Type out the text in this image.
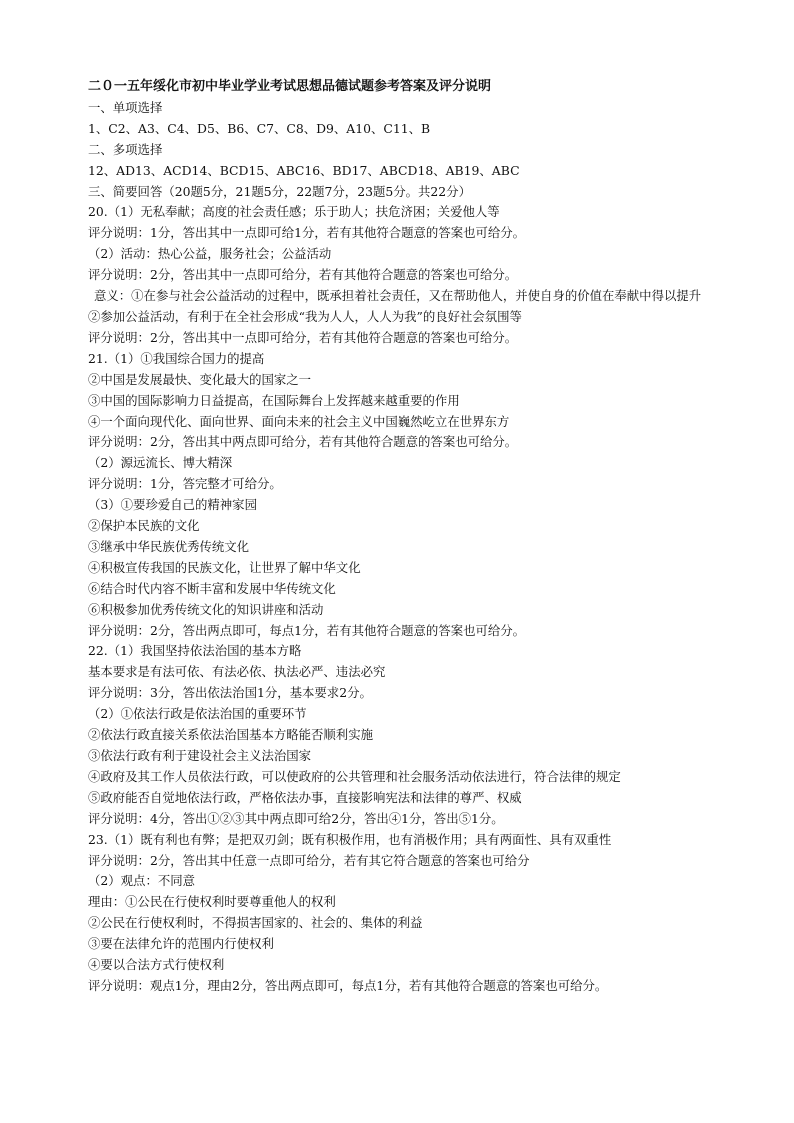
二０一五年绥化市初中毕业学业考试思想品德试题参考答案及评分说明
一、单项选择
1、C2、A3、C4、D5、B6、C7、C8、D9、A10、C11、B
二、多项选择
12、AD13、ACD14、BCD15、ABC16、BD17、ABCD18、AB19、ABC
三、简要回答（20题5分，21题5分，22题7分，23题5分。共22分）
20.（1）无私奉献；高度的社会责任感；乐于助人；扶危济困；关爱他人等
评分说明：1分，答出其中一点即可给1分，若有其他符合题意的答案也可给分。
（2）活动：热心公益，服务社会；公益活动
评分说明：2分，答出其中一点即可给分，若有其他符合题意的答案也可给分。
意义：①在参与社会公益活动的过程中，既承担着社会责任，又在帮助他人，并使自身的价值在奉献中得以提升
②参加公益活动，有利于在全社会形成“我为人人，人人为我”的良好社会氛围等
评分说明：2分，答出其中一点即可给分，若有其他符合题意的答案也可给分。
21.（1）①我国综合国力的提高
②中国是发展最快、变化最大的国家之一
③中国的国际影响力日益提高，在国际舞台上发挥越来越重要的作用
④一个面向现代化、面向世界、面向未来的社会主义中国巍然屹立在世界东方
评分说明：2分，答出其中两点即可给分，若有其他符合题意的答案也可给分。
（2）源远流长、博大精深
评分说明：1分，答完整才可给分。
（3）①要珍爱自己的精神家园
②保护本民族的文化
③继承中华民族优秀传统文化
④积极宣传我国的民族文化，让世界了解中华文化
⑥结合时代内容不断丰富和发展中华传统文化
⑥积极参加优秀传统文化的知识讲座和活动
评分说明：2分，答出两点即可，每点1分，若有其他符合题意的答案也可给分。
22.（1）我国坚持依法治国的基本方略
基本要求是有法可依、有法必依、执法必严、违法必究
评分说明：3分，答出依法治国1分，基本要求2分。
（2）①依法行政是依法治国的重要环节
②依法行政直接关系依法治国基本方略能否顺利实施
③依法行政有利于建设社会主义法治国家
④政府及其工作人员依法行政，可以使政府的公共管理和社会服务活动依法进行，符合法律的规定
⑤政府能否自觉地依法行政，严格依法办事，直接影响宪法和法律的尊严、权威
评分说明：4分，答出①②③其中两点即可给2分，答出④1分，答出⑤1分。
23.（1）既有利也有弊；是把双刃剑；既有积极作用，也有消极作用；具有两面性、具有双重性
评分说明：2分，答出其中任意一点即可给分，若有其它符合题意的答案也可给分
（2）观点：不同意
理由：①公民在行使权利时要尊重他人的权利
②公民在行使权利时，不得损害国家的、社会的、集体的利益
③要在法律允许的范围内行使权利
④要以合法方式行使权利
评分说明：观点1分，理由2分，答出两点即可，每点1分，若有其他符合题意的答案也可给分。
